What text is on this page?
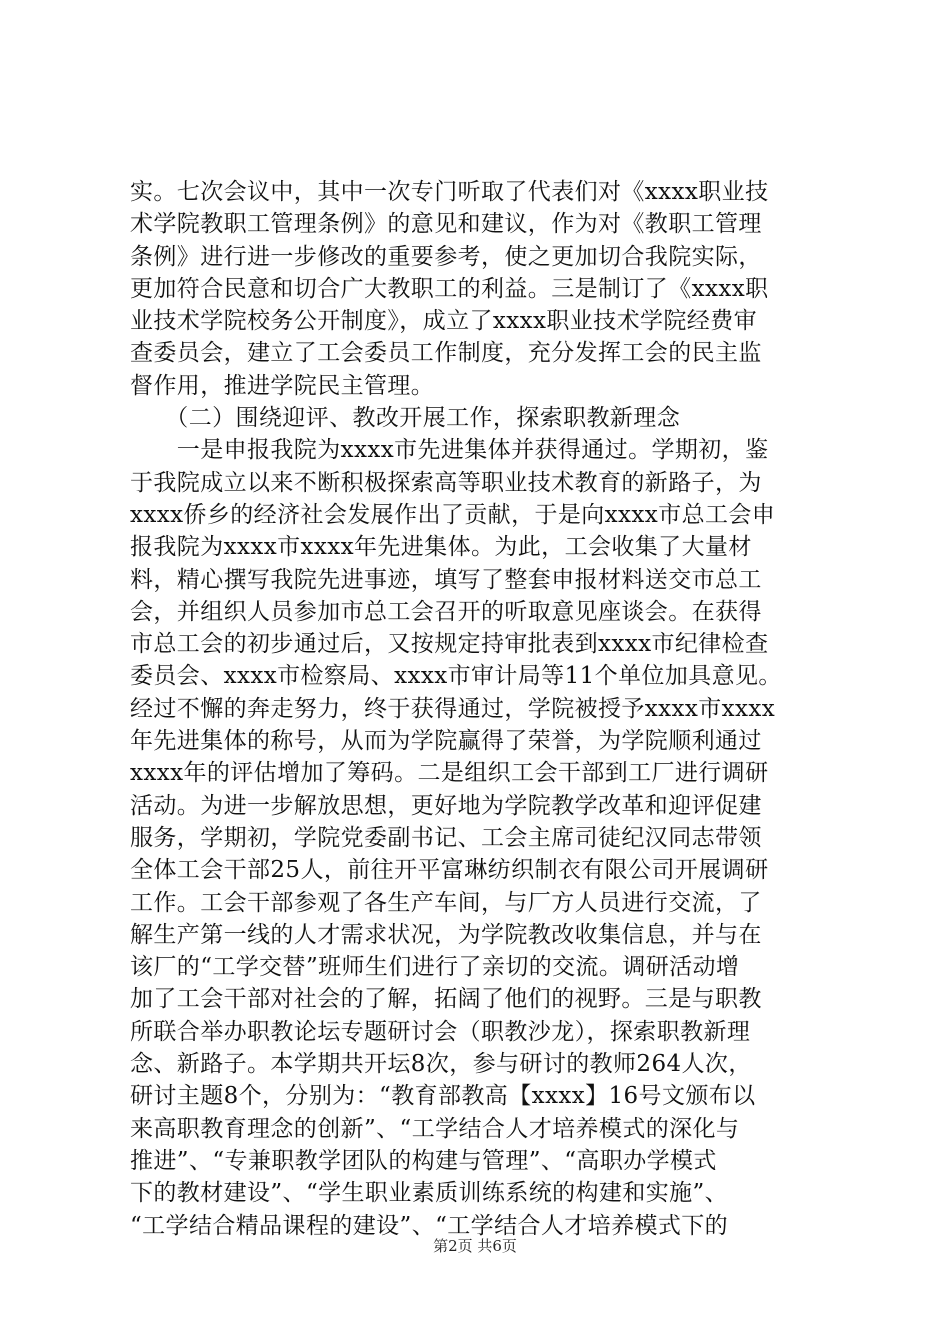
实。七次会议中，其中一次专门听取了代表们对《xxxx职业技
术学院教职工管理条例》的意见和建议，作为对《教职工管理
条例》进行进一步修改的重要参考，使之更加切合我院实际，
更加符合民意和切合广大教职工的利益。三是制订了《xxxx职
业技术学院校务公开制度》，成立了xxxx职业技术学院经费审
查委员会，建立了工会委员工作制度，充分发挥工会的民主监
督作用，推进学院民主管理。
　　（二）围绕迎评、教改开展工作，探索职教新理念
　　一是申报我院为xxxx市先进集体并获得通过。学期初，鉴
于我院成立以来不断积极探索高等职业技术教育的新路子，为
xxxx侨乡的经济社会发展作出了贡献，于是向xxxx市总工会申
报我院为xxxx市xxxx年先进集体。为此，工会收集了大量材
料，精心撰写我院先进事迹，填写了整套申报材料送交市总工
会，并组织人员参加市总工会召开的听取意见座谈会。在获得
市总工会的初步通过后，又按规定持审批表到xxxx市纪律检查
委员会、xxxx市检察局、xxxx市审计局等11个单位加具意见。
经过不懈的奔走努力，终于获得通过，学院被授予xxxx市xxxx
年先进集体的称号，从而为学院赢得了荣誉，为学院顺利通过
xxxx年的评估增加了筹码。二是组织工会干部到工厂进行调研
活动。为进一步解放思想，更好地为学院教学改革和迎评促建
服务，学期初，学院党委副书记、工会主席司徒纪汉同志带领
全体工会干部25人，前往开平富琳纺织制衣有限公司开展调研
工作。工会干部参观了各生产车间，与厂方人员进行交流，了
解生产第一线的人才需求状况，为学院教改收集信息，并与在
该厂的“工学交替”班师生们进行了亲切的交流。调研活动增
加了工会干部对社会的了解，拓阔了他们的视野。三是与职教
所联合举办职教论坛专题研讨会（职教沙龙），探索职教新理
念、新路子。本学期共开坛8次，参与研讨的教师264人次，
研讨主题8个，分别为：“教育部教高【xxxx】16号文颁布以
来高职教育理念的创新”、“工学结合人才培养模式的深化与
推进”、“专兼职教学团队的构建与管理”、“高职办学模式
下的教材建设”、“学生职业素质训练系统的构建和实施”、
“工学结合精品课程的建设”、“工学结合人才培养模式下的
第2页 共6页
